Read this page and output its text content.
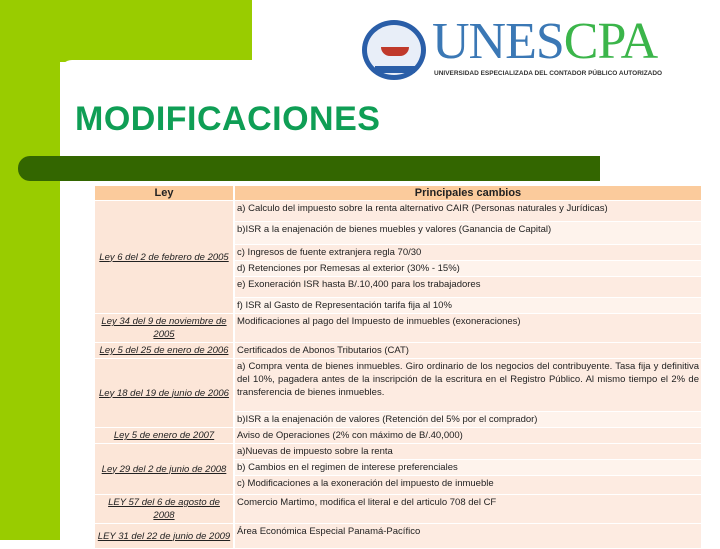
UNESCPA
UNIVERSIDAD ESPECIALIZADA DEL CONTADOR PÚBLICO AUTORIZADO
MODIFICACIONES
Ley	Principales cambios
Ley 6 del 2 de febrero de 2005	a) Calculo del impuesto sobre la renta alternativo CAIR (Personas naturales y Jurídicas)
	b)ISR a la enajenación de bienes muebles y valores (Ganancia de Capital)
	c) Ingresos de fuente extranjera regla 70/30
	d) Retenciones por Remesas al exterior (30% - 15%)
	e) Exoneración ISR hasta B/.10,400 para los trabajadores
	f) ISR al Gasto de Representación tarifa fija al 10%
Ley 34 del 9 de noviembre de 2005	Modificaciones al pago del Impuesto de inmuebles (exoneraciones)
Ley 5 del 25 de enero de 2006	Certificados de Abonos Tributarios (CAT)
Ley 18 del 19 de junio de 2006	a) Compra venta de bienes inmuebles. Giro ordinario de los negocios del contribuyente. Tasa fija y definitiva del 10%, pagadera antes de la inscripción de la escritura en el Registro Público. Al mismo tiempo el 2% de transferencia de bienes inmuebles.
	b)ISR a la enajenación de valores (Retención del 5% por el comprador)
Ley 5 de enero de 2007	Aviso de Operaciones (2% con máximo de B/.40,000)
Ley 29 del 2 de junio de 2008	a)Nuevas de impuesto sobre la renta
	b) Cambios en el regimen de interese preferenciales
	c) Modificaciones a la exoneración del impuesto de inmueble
LEY 57 del 6 de agosto de 2008	Comercio Martimo, modifica el literal e del articulo 708 del CF
LEY 31 del 22 de junio de 2009	Área Económica Especial Panamá-Pacífico
